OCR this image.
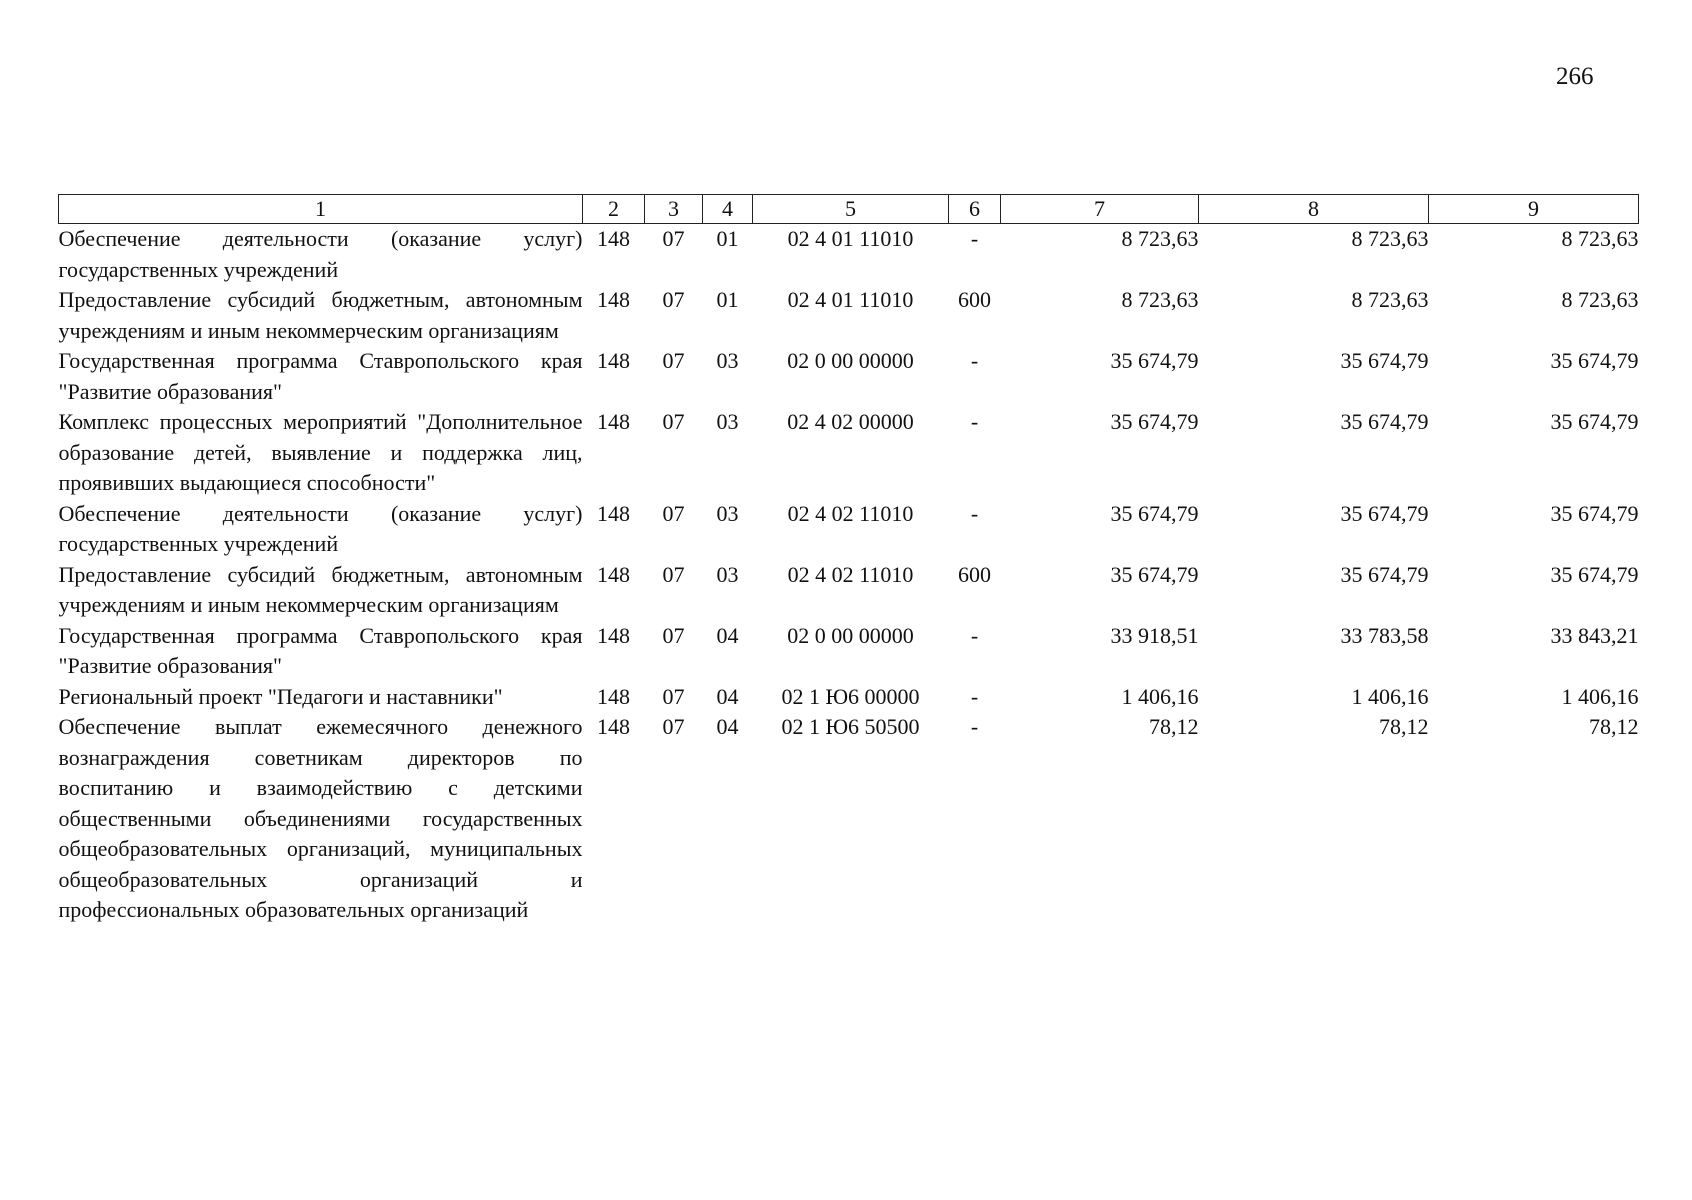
266
1	2	3	4	5	6	7	8	9
Обеспечение деятельности (оказание услуг) государственных учреждений	148	07	01	02 4 01 11010	-	8 723,63	8 723,63	8 723,63
Предоставление субсидий бюджетным, автономным учреждениям и иным некоммерческим организациям	148	07	01	02 4 01 11010	600	8 723,63	8 723,63	8 723,63
Государственная программа Ставропольского края "Развитие образования"	148	07	03	02 0 00 00000	-	35 674,79	35 674,79	35 674,79
Комплекс процессных мероприятий "Дополнительное образование детей, выявление и поддержка лиц, проявивших выдающиеся способности"	148	07	03	02 4 02 00000	-	35 674,79	35 674,79	35 674,79
Обеспечение деятельности (оказание услуг) государственных учреждений	148	07	03	02 4 02 11010	-	35 674,79	35 674,79	35 674,79
Предоставление субсидий бюджетным, автономным учреждениям и иным некоммерческим организациям	148	07	03	02 4 02 11010	600	35 674,79	35 674,79	35 674,79
Государственная программа Ставропольского края "Развитие образования"	148	07	04	02 0 00 00000	-	33 918,51	33 783,58	33 843,21
Региональный проект "Педагоги и наставники"	148	07	04	02 1 Ю6 00000	-	1 406,16	1 406,16	1 406,16
Обеспечение выплат ежемесячного денежного вознаграждения советникам директоров по воспитанию и взаимодействию с детскими общественными объединениями государственных общеобразовательных организаций, муниципальных общеобразовательных организаций и профессиональных образовательных организаций	148	07	04	02 1 Ю6 50500	-	78,12	78,12	78,12
